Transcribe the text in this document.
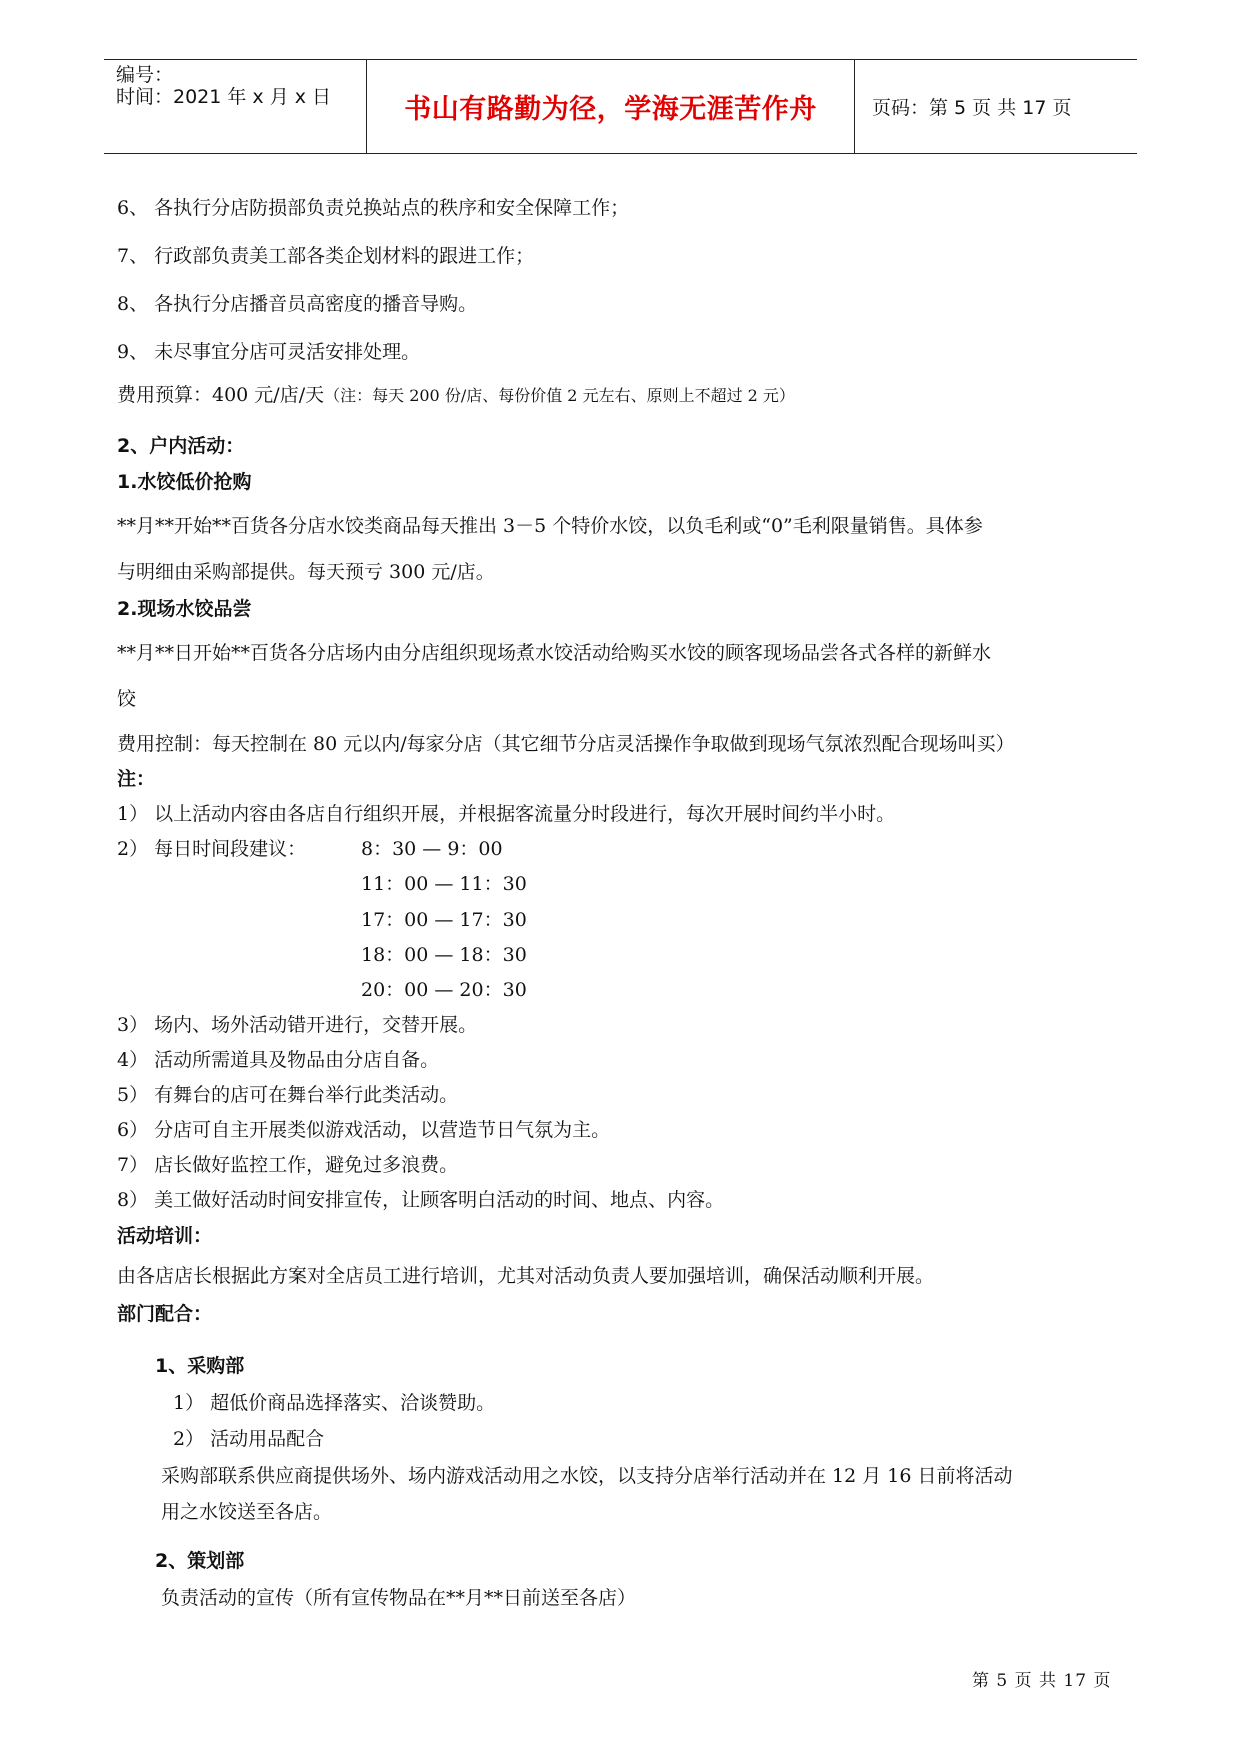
编号：
时间：2021 年 x 月 x 日	书山有路勤为径，学海无涯苦作舟	页码：第 5 页 共 17 页
6、 各执行分店防损部负责兑换站点的秩序和安全保障工作；
7、 行政部负责美工部各类企划材料的跟进工作；
8、 各执行分店播音员高密度的播音导购。
9、 未尽事宜分店可灵活安排处理。
费用预算：400 元/店/天（注：每天 200 份/店、每份价值 2 元左右、原则上不超过 2 元）
2、户内活动：
1.水饺低价抢购
**月**开始**百货各分店水饺类商品每天推出 3－5 个特价水饺，以负毛利或“0”毛利限量销售。具体参
与明细由采购部提供。每天预亏 300 元/店。
2.现场水饺品尝
**月**日开始**百货各分店场内由分店组织现场煮水饺活动给购买水饺的顾客现场品尝各式各样的新鲜水
饺
费用控制：每天控制在 80 元以内/每家分店（其它细节分店灵活操作争取做到现场气氛浓烈配合现场叫买）
注：
1） 以上活动内容由各店自行组织开展，并根据客流量分时段进行，每次开展时间约半小时。
2） 每日时间段建议：	8：30 — 9：00
11：00 — 11：30
17：00 — 17：30
18：00 — 18：30
20：00 — 20：30
3） 场内、场外活动错开进行，交替开展。
4） 活动所需道具及物品由分店自备。
5） 有舞台的店可在舞台举行此类活动。
6） 分店可自主开展类似游戏活动，以营造节日气氛为主。
7） 店长做好监控工作，避免过多浪费。
8） 美工做好活动时间安排宣传，让顾客明白活动的时间、地点、内容。
活动培训：
由各店店长根据此方案对全店员工进行培训，尤其对活动负责人要加强培训，确保活动顺利开展。
部门配合：
1、采购部
1） 超低价商品选择落实、洽谈赞助。
2） 活动用品配合
采购部联系供应商提供场外、场内游戏活动用之水饺，以支持分店举行活动并在 12 月 16 日前将活动
用之水饺送至各店。
2、策划部
负责活动的宣传（所有宣传物品在**月**日前送至各店）
第 5 页 共 17 页
